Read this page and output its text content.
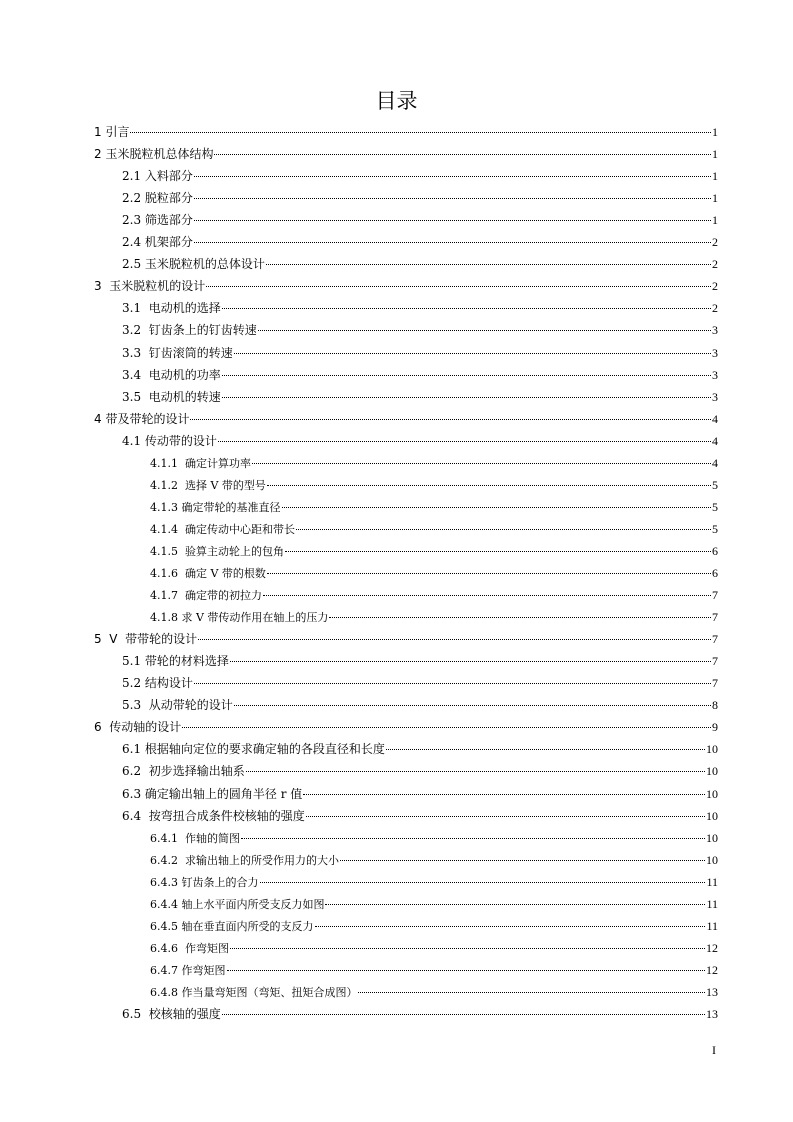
目录
1 引言	1
2 玉米脱粒机总体结构	1
2.1 入料部分	1
2.2 脱粒部分	1
2.3 筛选部分	1
2.4 机架部分	2
2.5 玉米脱粒机的总体设计	2
3  玉米脱粒机的设计	2
3.1  电动机的选择	2
3.2  钉齿条上的钉齿转速	3
3.3  钉齿滚筒的转速	3
3.4  电动机的功率	3
3.5  电动机的转速	3
4 带及带轮的设计	4
4.1 传动带的设计	4
4.1.1  确定计算功率	4
4.1.2  选择 V 带的型号	5
4.1.3 确定带轮的基准直径	5
4.1.4  确定传动中心距和带长	5
4.1.5  验算主动轮上的包角	6
4.1.6  确定 V 带的根数	6
4.1.7  确定带的初拉力	7
4.1.8 求 V 带传动作用在轴上的压力	7
5  V  带带轮的设计	7
5.1 带轮的材料选择	7
5.2 结构设计	7
5.3  从动带轮的设计	8
6  传动轴的设计	9
6.1 根据轴向定位的要求确定轴的各段直径和长度	10
6.2  初步选择输出轴系	10
6.3 确定输出轴上的圆角半径 r 值	10
6.4  按弯扭合成条件校核轴的强度	10
6.4.1  作轴的简图	10
6.4.2  求输出轴上的所受作用力的大小	10
6.4.3 钉齿条上的合力	11
6.4.4 轴上水平面内所受支反力如图	11
6.4.5 轴在垂直面内所受的支反力	11
6.4.6  作弯矩图	12
6.4.7 作弯矩图	12
6.4.8 作当量弯矩图（弯矩、扭矩合成图）	13
6.5  校核轴的强度	13
I
